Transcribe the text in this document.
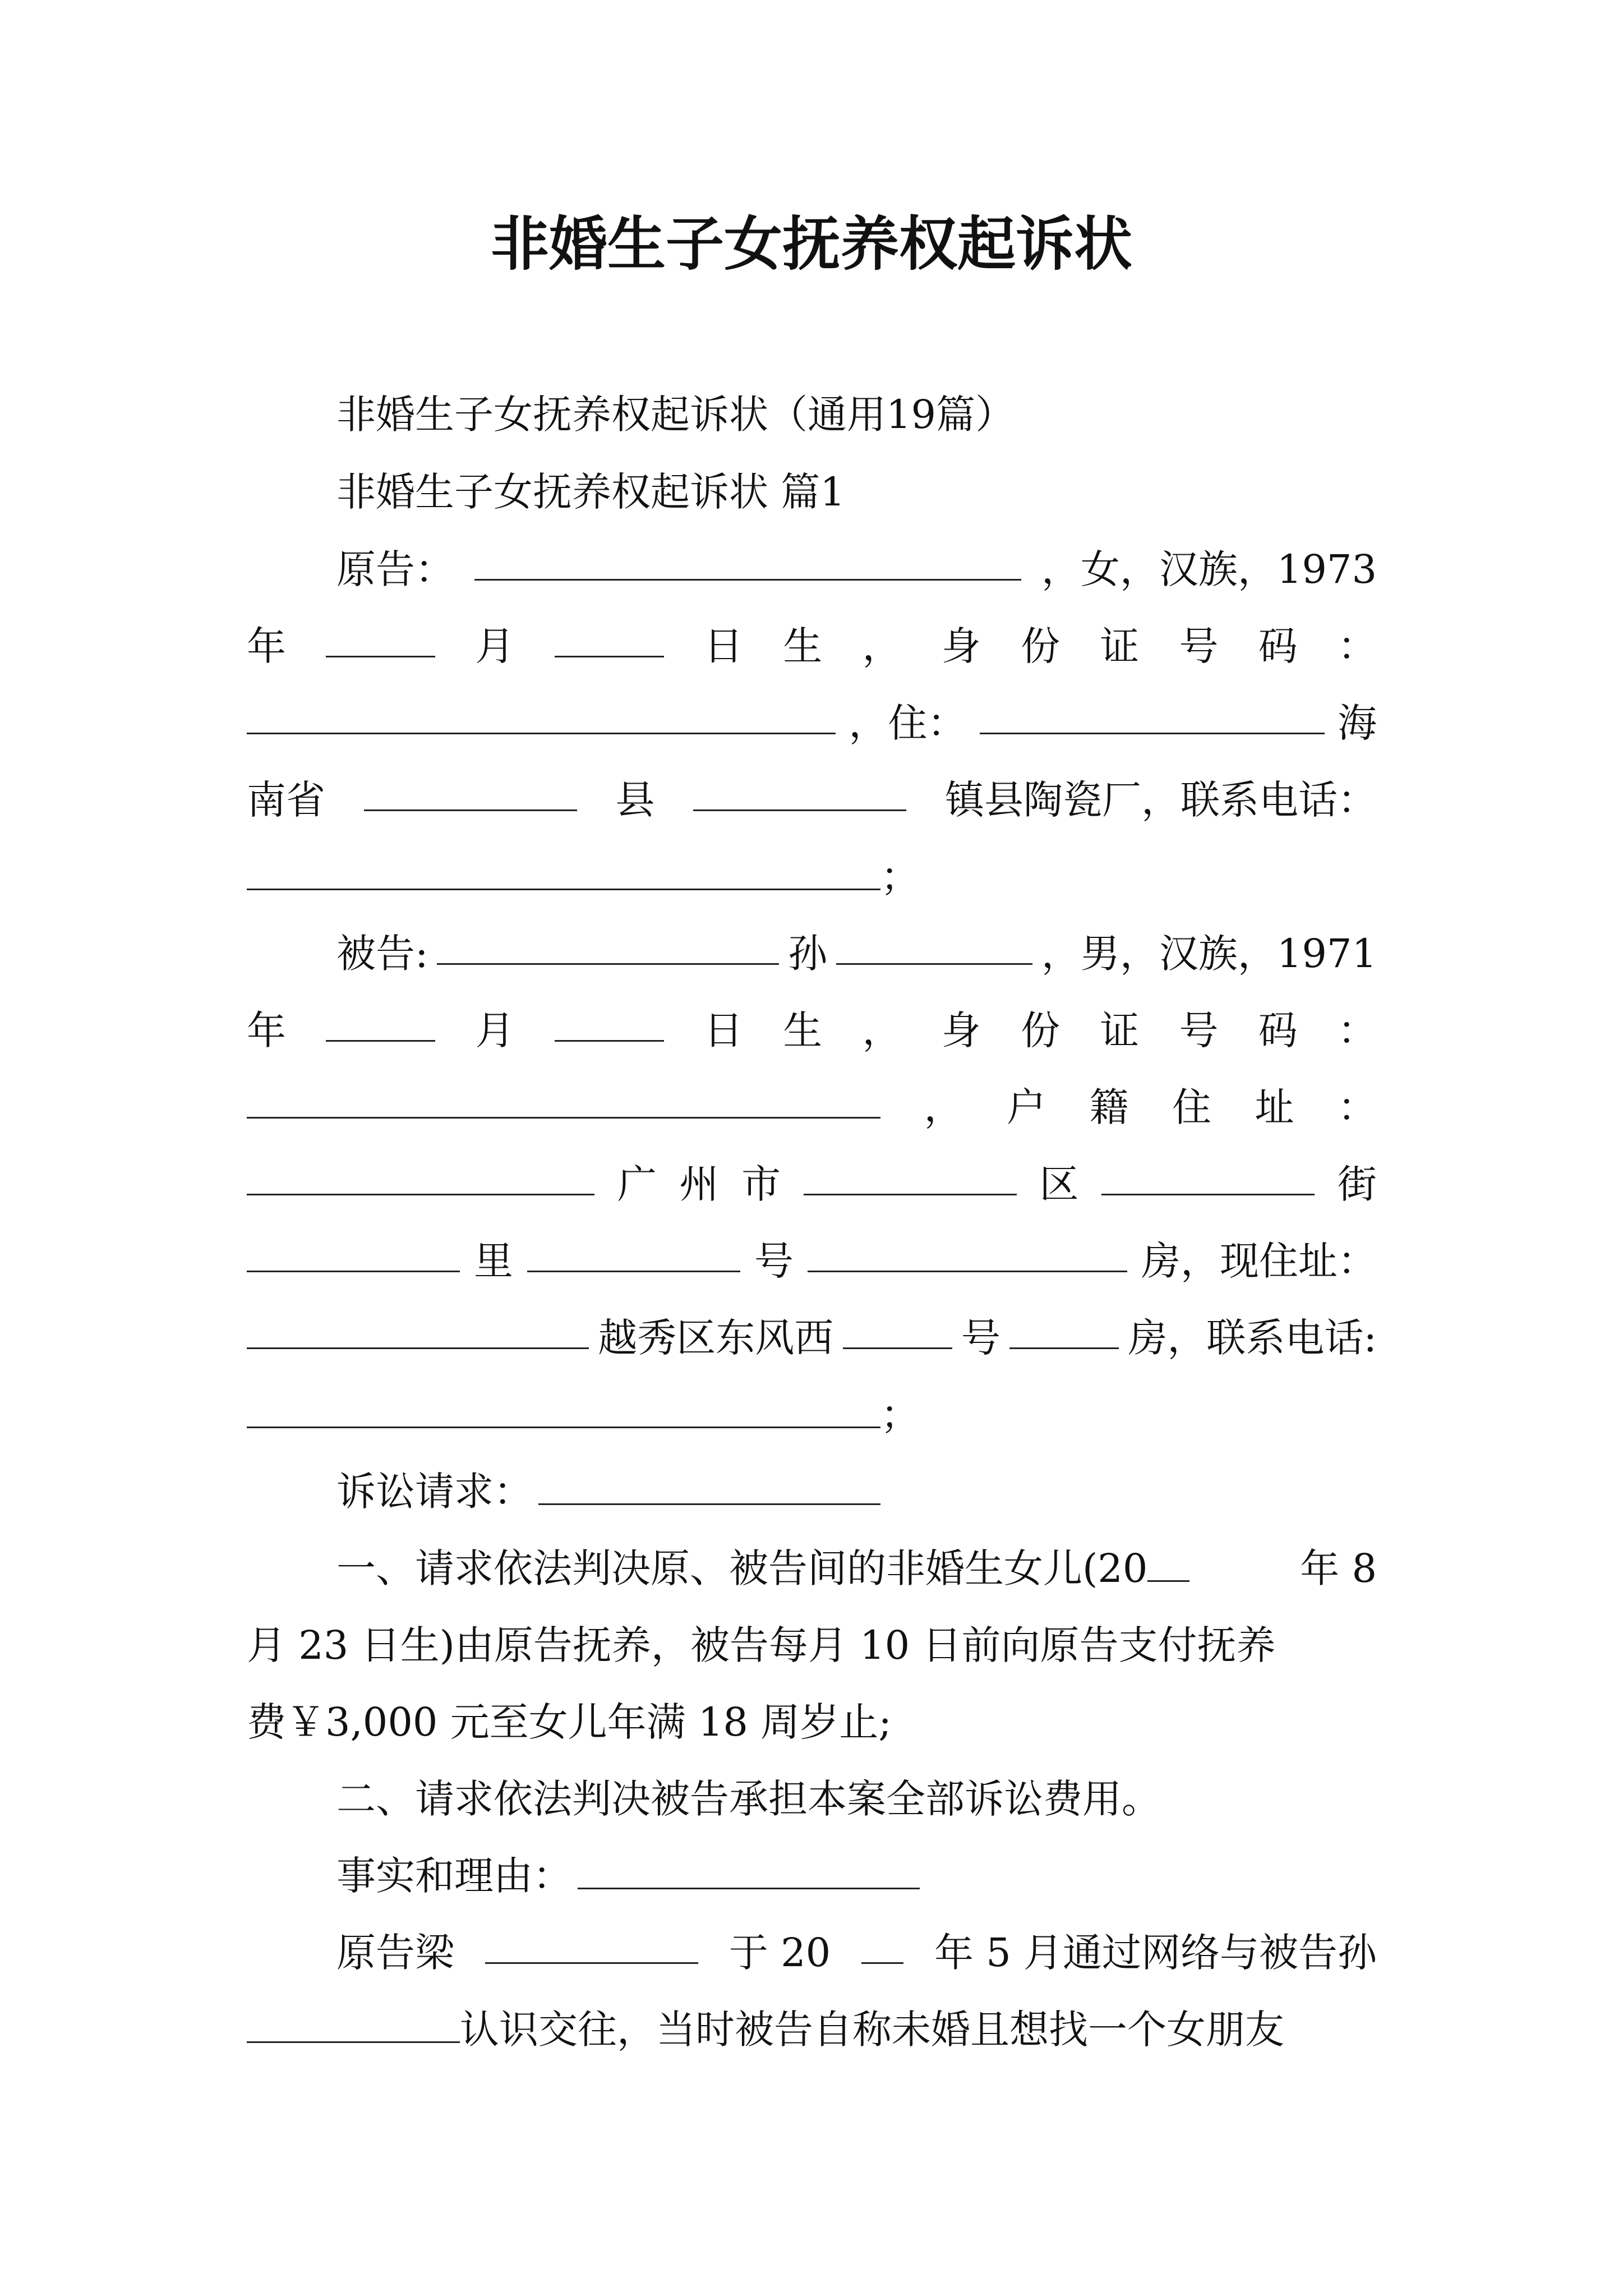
非婚生子女抚养权起诉状
非婚生子女抚养权起诉状（通用19篇）
非婚生子女抚养权起诉状 篇1
原告：	，女，汉族，1973
年	月	日 生 ， 身 份 证 号 码 ：
，住：	海
南省	县	镇县陶瓷厂，联系电话：
；
被告:	孙	，男，汉族，1971
年	月	日 生 ， 身 份 证 号 码 ：
， 户 籍 住 址 ：
广 州 市	区	街
里	号	房，现住址：
越秀区东风西	号	房，联系电话:
；
诉讼请求：
一、请求依法判决原、被告间的非婚生女儿(20	年 8
月 23 日生)由原告抚养，被告每月 10 日前向原告支付抚养
费￥3,000 元至女儿年满 18 周岁止;
二、请求依法判决被告承担本案全部诉讼费用。
事实和理由：
原告梁	于 20	年 5 月通过网络与被告孙
认识交往，当时被告自称未婚且想找一个女朋友
